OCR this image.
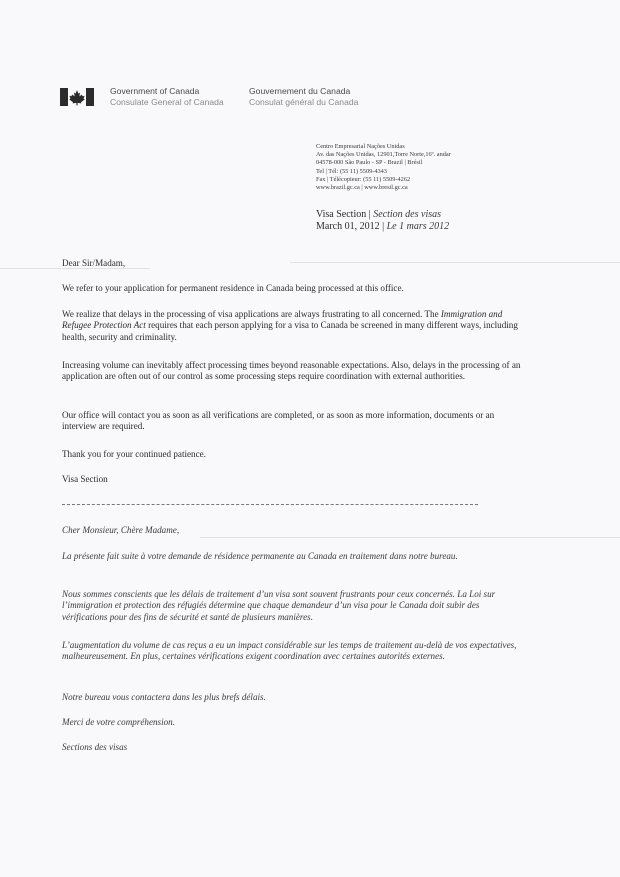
Government of Canada
Consulate General of Canada
Gouvernement du Canada
Consulat général du Canada
Centro Empresarial Nações Unidas
Av. das Nações Unidas, 12901,Torre Norte,16º. andar
04578-000 São Paulo - SP - Brazil | Brésil
Tel | Tél: (55 11) 5509-4343
Fax | Télécopieur: (55 11) 5509-4262
www.brazil.gc.ca | www.bresil.gc.ca
Visa Section | Section des visas
March 01, 2012 | Le 1 mars 2012
Dear Sir/Madam,
We refer to your application for permanent residence in Canada being processed at this office.
We realize that delays in the processing of visa applications are always frustrating to all concerned. The Immigration and Refugee Protection Act requires that each person applying for a visa to Canada be screened in many different ways, including health, security and criminality.
Increasing volume can inevitably affect processing times beyond reasonable expectations. Also, delays in the processing of an application are often out of our control as some processing steps require coordination with external authorities.
Our office will contact you as soon as all verifications are completed, or as soon as more information, documents or an interview are required.
Thank you for your continued patience.
Visa Section
Cher Monsieur, Chère Madame,
La présente fait suite à votre demande de résidence permanente au Canada en traitement dans notre bureau.
Nous sommes conscients que les délais de traitement d’un visa sont souvent frustrants pour ceux concernés. La Loi sur l’immigration et protection des réfugiés détermine que chaque demandeur d’un visa pour le Canada doit subir des vérifications pour des fins de sécurité et santé de plusieurs manières.
L’augmentation du volume de cas reçus a eu un impact considérable sur les temps de traitement au-delà de vos expectatives, malheureusement. En plus, certaines vérifications exigent coordination avec certaines autorités externes.
Notre bureau vous contactera dans les plus brefs délais.
Merci de votre compréhension.
Sections des visas
